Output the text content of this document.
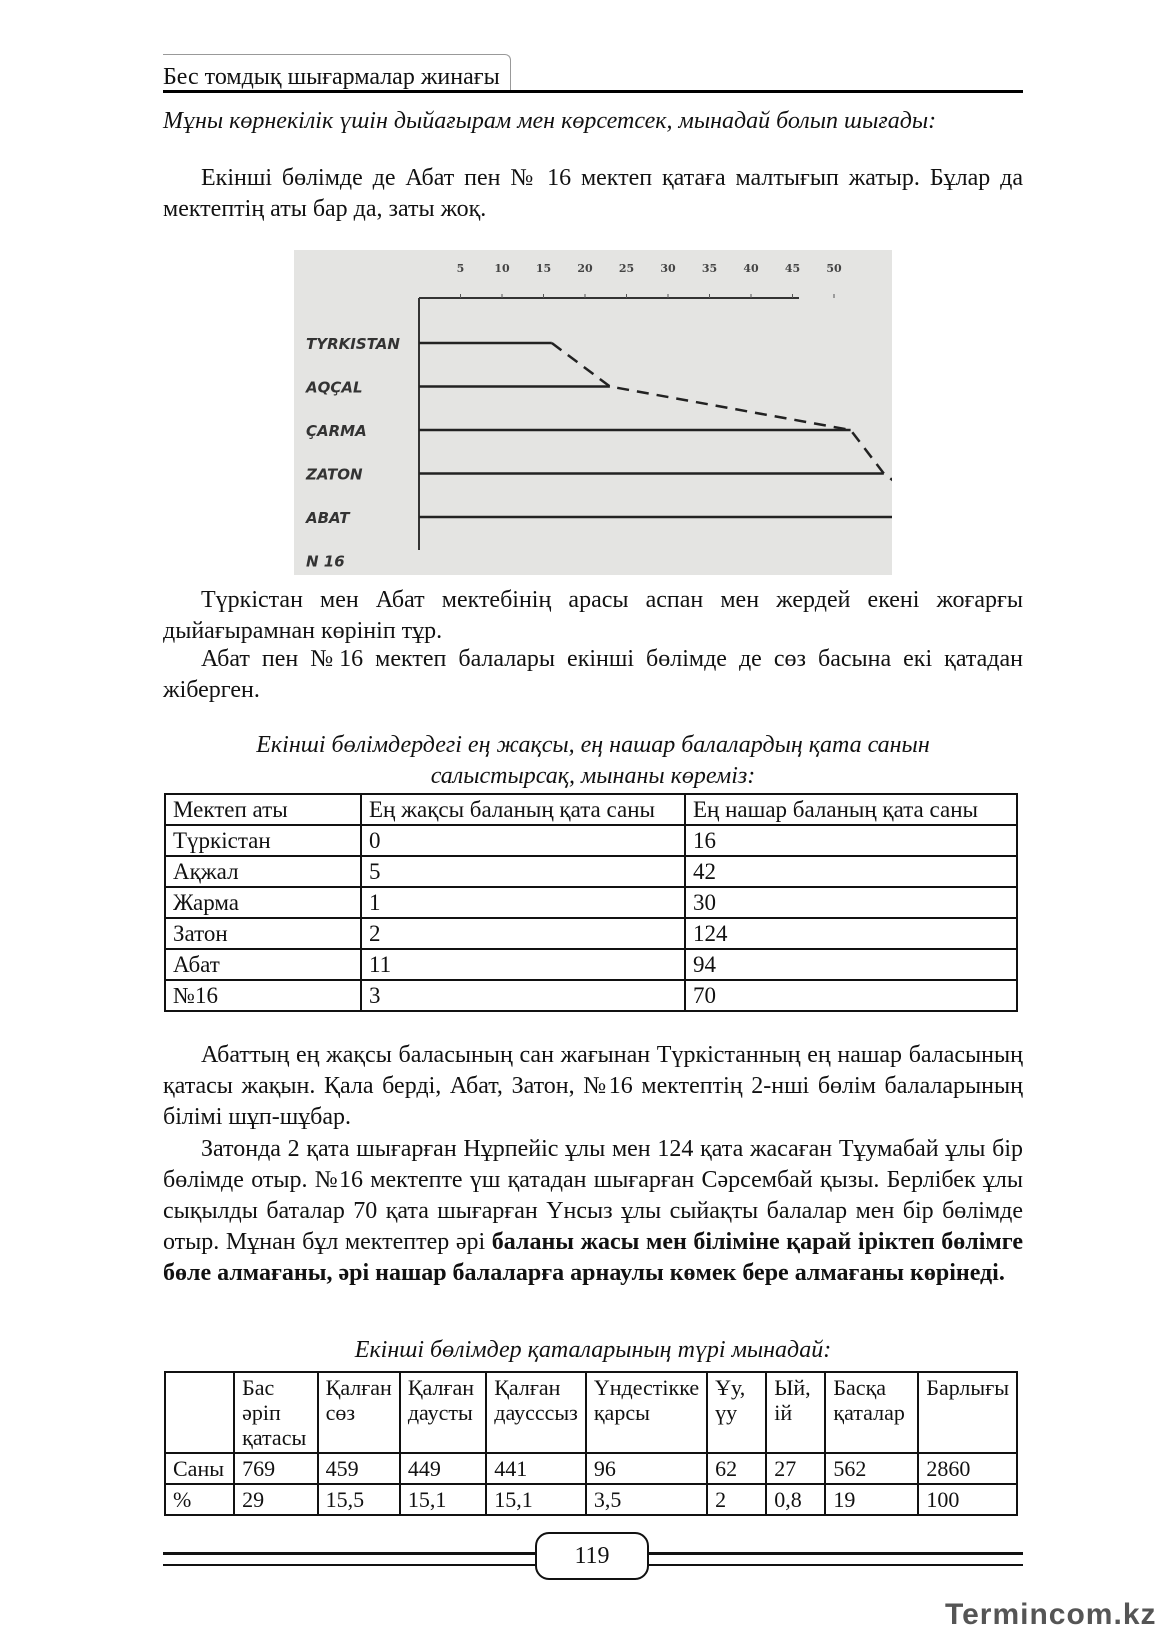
Бес томдық шығармалар жинағы
Мұны көрнекілік үшін дыйағырам мен көрсетсек, мынадай болып шығады:
Екінші бөлімде де Абат пен № 16 мектеп қатаға малтығып жатыр. Бұлар да мектептің аты бар да, заты жоқ.
5	10 15 20 25 30 35 40 45 50
TYRKISTAN
AQÇAL
ÇARMA
ZATON
ABAT
N 16
Түркістан мен Абат мектебінің арасы аспан мен жердей екені жоғарғы дыйағырамнан көрініп тұр.
Абат пен №16 мектеп балалары екінші бөлімде де сөз басына екі қатадан жіберген.
Екінші бөлімдердегі ең жақсы, ең нашар балалардың қата санын салыстырсақ, мынаны көреміз:
Мектеп аты	Ең жақсы баланың қата саны	Ең нашар баланың қата саны
Түркістан	0	16
Ақжал	5	42
Жарма	1	30
Затон	2	124
Абат	11	94
№16	3	70
Абаттың ең жақсы баласының сан жағынан Түркістанның ең нашар баласының қатасы жақын. Қала берді, Абат, Затон, №16 мектептің 2-нші бөлім балаларының білімі шұп-шұбар.
Затонда 2 қата шығарған Нұрпейіс ұлы мен 124 қата жасаған Тұумабай ұлы бір бөлімде отыр. №16 мектепте үш қатадан шығарған Сәрсембай қызы. Берлібек ұлы сықылды баталар 70 қата шығарған Үнсыз ұлы сыйақты балалар мен бір бөлімде отыр. Мұнан бұл мектептер әрі баланы жасы мен біліміне қарай іріктеп бөлімге бөле алмағаны, әрі нашар балаларға арнаулы көмек бере алмағаны көрінеді.
Екінші бөлімдер қаталарының түрі мынадай:
	Бас әріп қатасы	Қалған сөз	Қалған даусты	Қалған даусссыз	Үндестікке қарсы	Ұу, үу	Ый, ій	Басқа қаталар	Барлығы
Саны	769	459	449	441	96	62	27	562	2860
%	29	15,5	15,1	15,1	3,5	2	0,8	19	100
119
Termincom.kz
